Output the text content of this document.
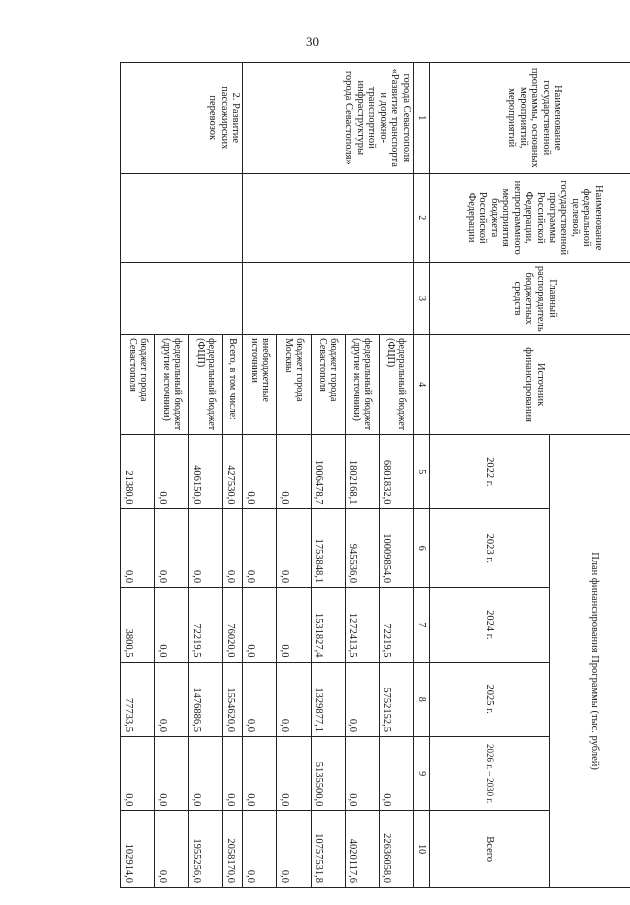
30
Наименование государственной программы, основных мероприятий, мероприятий	Наименование федеральной целевой, государственной программы Российской Федерации, непрограммного мероприятия бюджета Российской Федерации	Главный распорядитель бюджетных средств	Источник финансирования	План финансирования Программы (тыс. рублей)					
				2022 г.	2023 г.	2024 г.	2025 г.	2026 г. – 2030 г.	Всего
1	2	3	4	5	6	7	8	9	10
города Севастополя «Развитие транспорта и дорожно-транспортной инфраструктуры города Севастополя»			федеральный бюджет (ФЦП)	6801832,0	10009854,0	72219,5	5752152,5	0,0	22636058,0
			федеральный бюджет (другие источники)	1802168,1	945536,0	1272413,5	0,0	0,0	4020117,6
			бюджет города Севастополя	1006478,7	1753848,1	1531827,4	1329877,1	5135500,0	10757531,8
			бюджет города Москвы	0,0	0,0	0,0	0,0	0,0	0,0
			внебюджетные источники	0,0	0,0	0,0	0,0	0,0	0,0
2. Развитие пассажирских перевозок			Всего, в том числе:	427530,0	0,0	76020,0	1554620,0	0,0	2058170,0
			федеральный бюджет (ФЦП)	406150,0	0,0	72219,5	1476886,5	0,0	1955256,0
			федеральный бюджет (другие источники)	0,0	0,0	0,0	0,0	0,0	0,0
			бюджет города Севастополя	21380,0	0,0	3800,5	77733,5	0,0	102914,0
